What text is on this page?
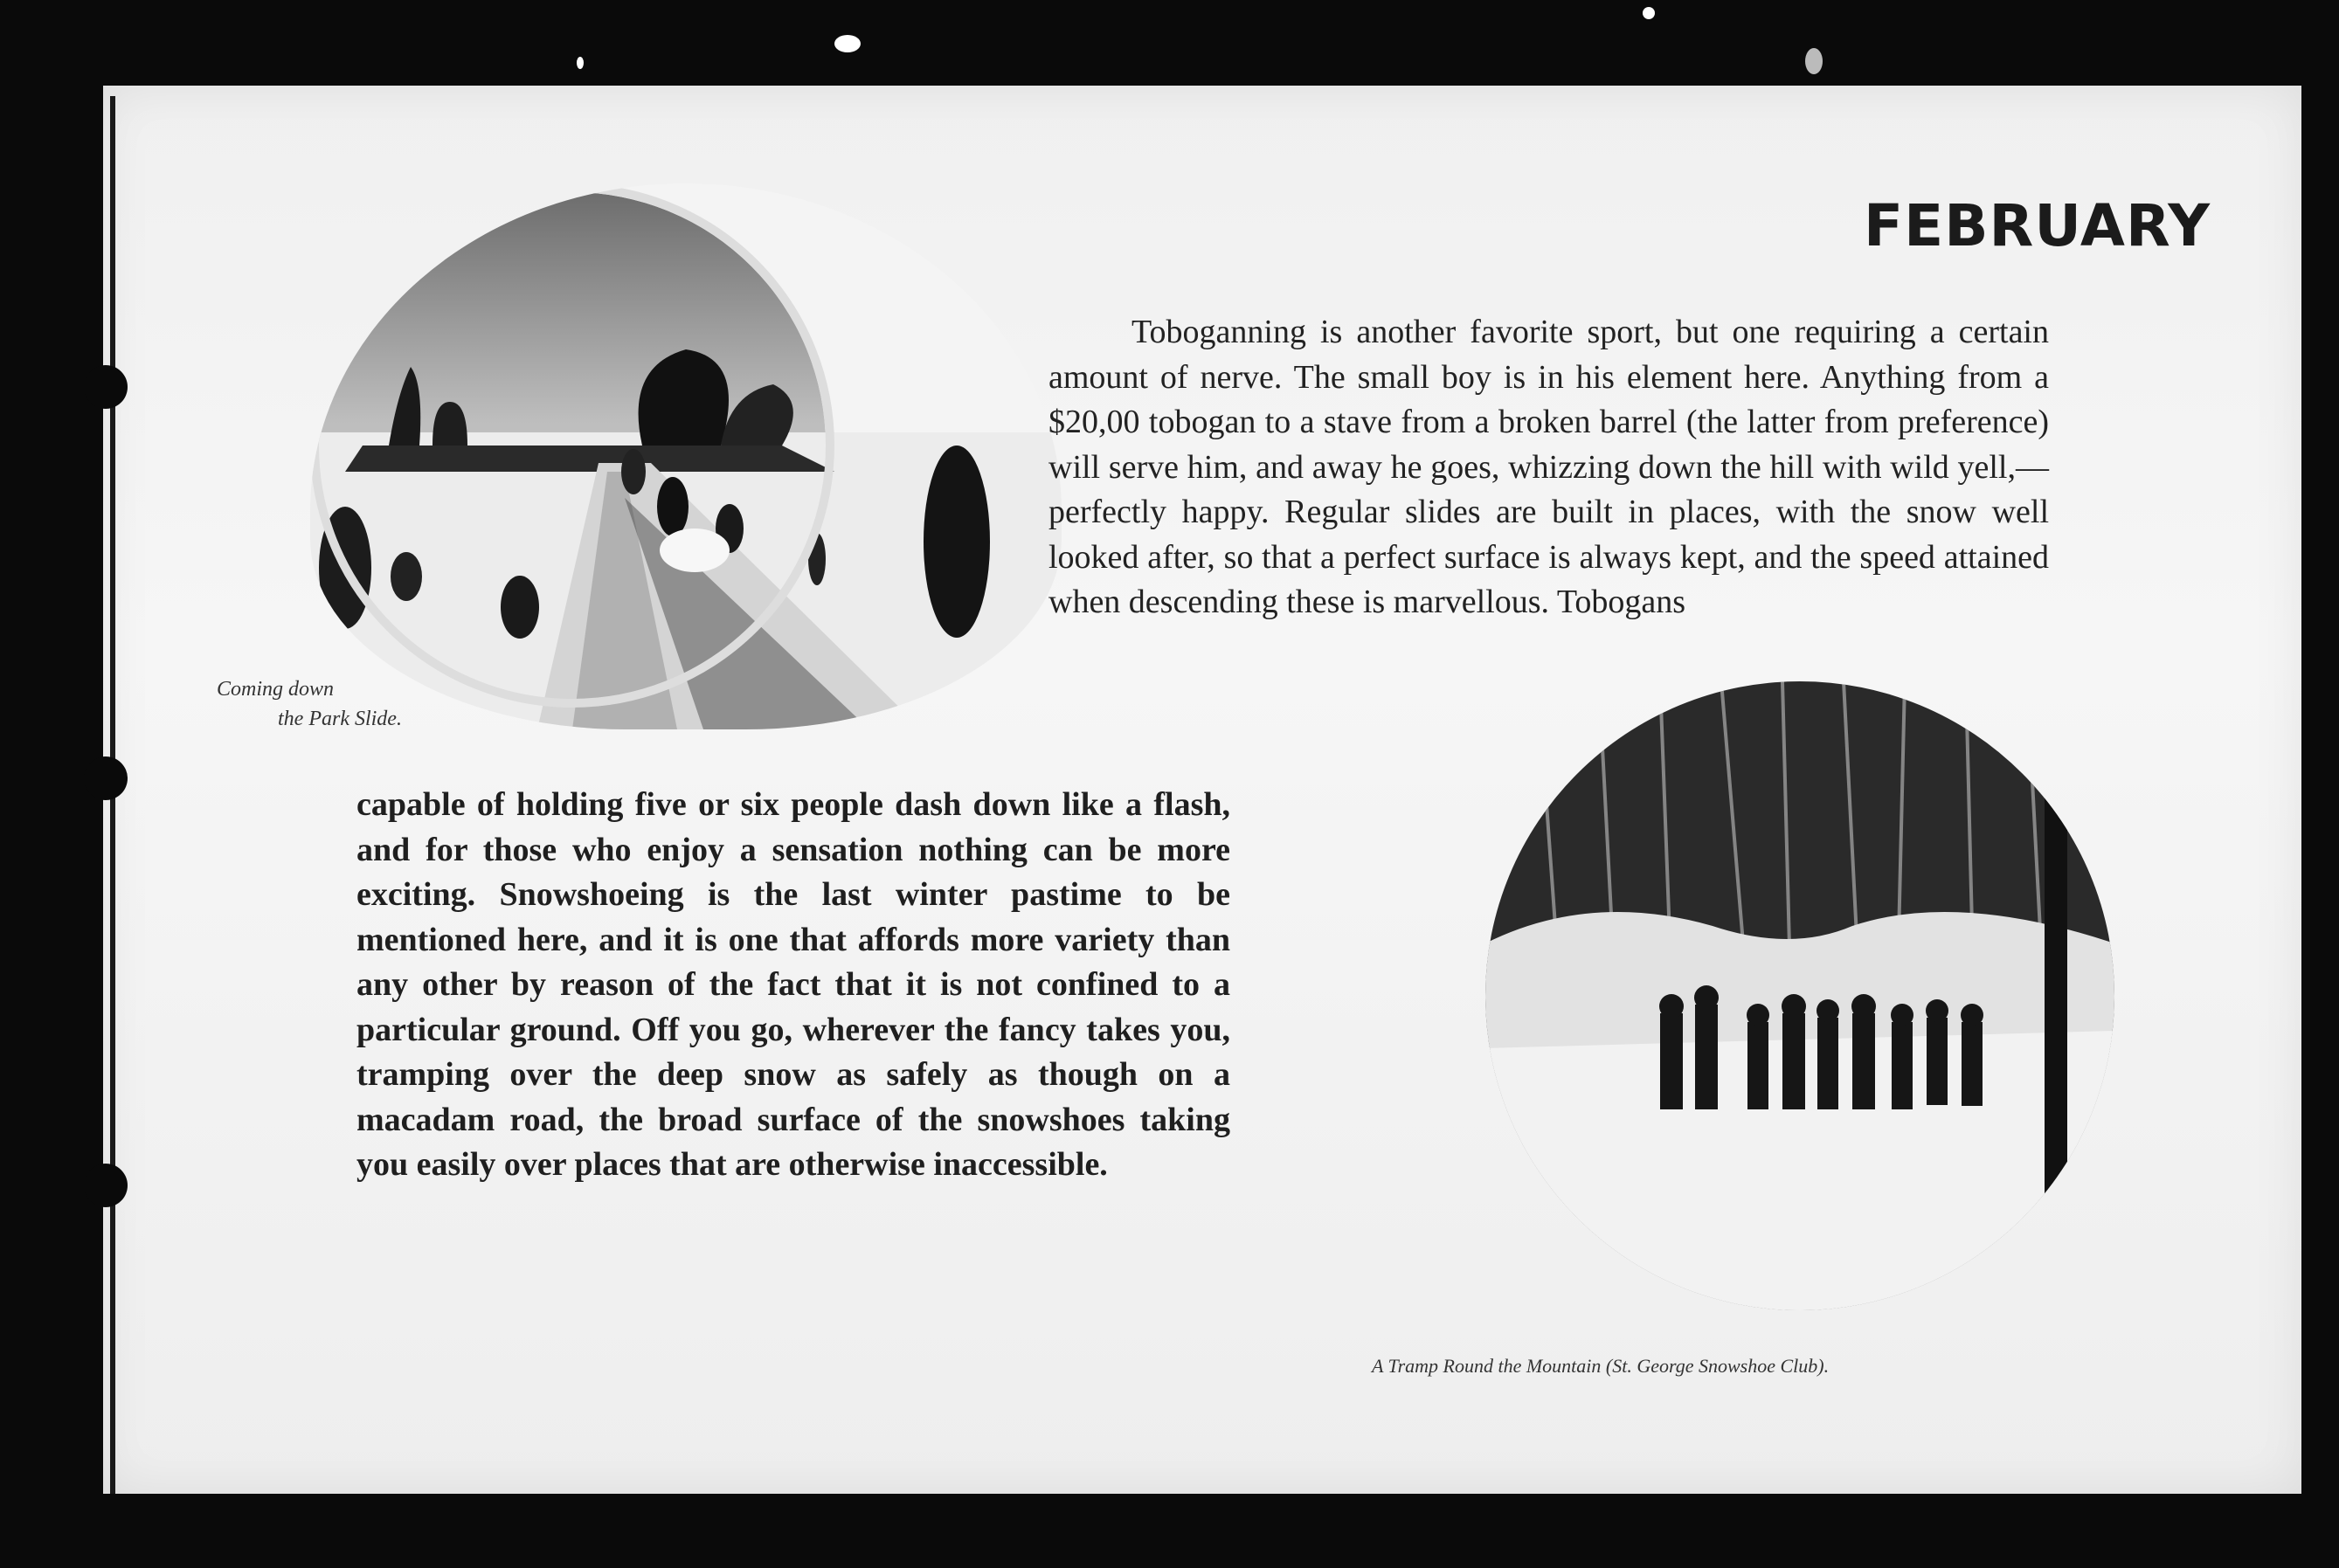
FEBRUARY
Coming down
the Park Slide.
A Tramp Round the Mountain (St. George Snowshoe Club).

Toboganning is another favorite sport, but one requiring a certain amount of nerve. The small boy is in his element here. Anything from a $20,00 tobogan to a stave from a broken barrel (the latter from preference) will serve him, and away he goes, whizzing down the hill with wild yell,—perfectly happy. Regular slides are built in places, with the snow well looked after, so that a perfect surface is always kept, and the speed attained when descending these is marvellous. Tobogans

capable of holding five or six people dash down like a flash, and for those who enjoy a sensation nothing can be more exciting. Snowshoeing is the last winter pastime to be mentioned here, and it is one that affords more variety than any other by reason of the fact that it is not confined to a particular ground. Off you go, wherever the fancy takes you, tramping over the deep snow as safely as though on a macadam road, the broad surface of the snowshoes taking you easily over places that are otherwise inaccessible.
